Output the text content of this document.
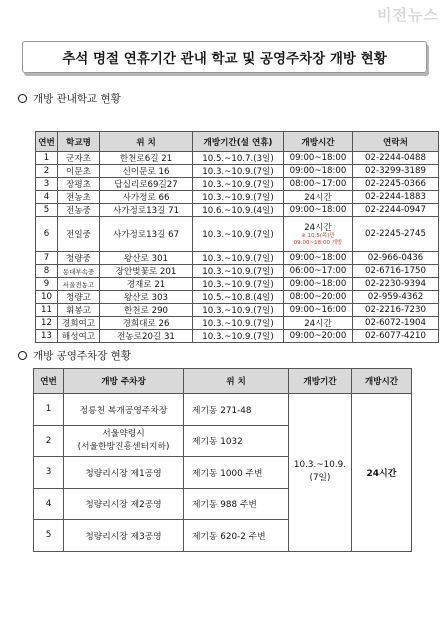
비전뉴스
추석 명절 연휴기간 관내 학교 및 공영주차장 개방 현황
개방 관내학교 현황
연번	학교명	위 치	개방기간(설 연휴)	개방시간	연락처
1	군자초	한천로6길 21	10.5.~10.7.(3일)	09:00~18:00	02-2244-0488
2	이문초	신이문로 16	10.3.~10.9.(7일)	09:00~18:00	02-3299-3189
3	장평초	답십리로69길27	10.3.~10.9.(7일)	08:00~17:00	02-2245-0366
4	전농초	사가정로 66	10.3.~10.9.(7일)	24시간	02-2244-1883
5	전농중	사가정로13길 71	10.6.~10.9.(4일)	09:00~18:00	02-2244-0947
6	전일중	사가정로13길 67	10.3.~10.9.(7일)	24시간
※ 10.5(목)만
09:00~18:00 개방	02-2245-2745
7	청량중	왕산로 301	10.3.~10.9.(7일)	09:00~18:00	02-966-0436
8	동대부속중	장안벚꽃로 201	10.3.~10.9.(7일)	06:00~17:00	02-6716-1750
9	서울전농고	경재로 21	10.3.~10.9.(7일)	09:00~18:00	02-2230-9394
10	청량고	왕산로 303	10.5.~10.8.(4일)	08:00~20:00	02-959-4362
11	휘봉고	한천로 290	10.3.~10.9.(7일)	09:00~16:00	02-2216-7230
12	경희여고	경희대로 26	10.3.~10.9.(7일)	24시간	02-6072-1904
13	해성여고	전농로20길 31	10.3.~10.9.(7일)	09:00~20:00	02-6077-4210
개방 공영주차장 현황
연번	개방 주차장	위 치	개방기간	개방시간
1	정릉천 복개공영주차장	제기동 271-48	10.3.~10.9.
(7일)	24시간
2	서울약령시
(서울한방진흥센터지하)	제기동 1032		
3	청량리시장 제1공영	제기동 1000 주변		
4	청량리시장 제2공영	제기동 988 주변		
5	청량리시장 제3공영	제기동 620-2 주변		
